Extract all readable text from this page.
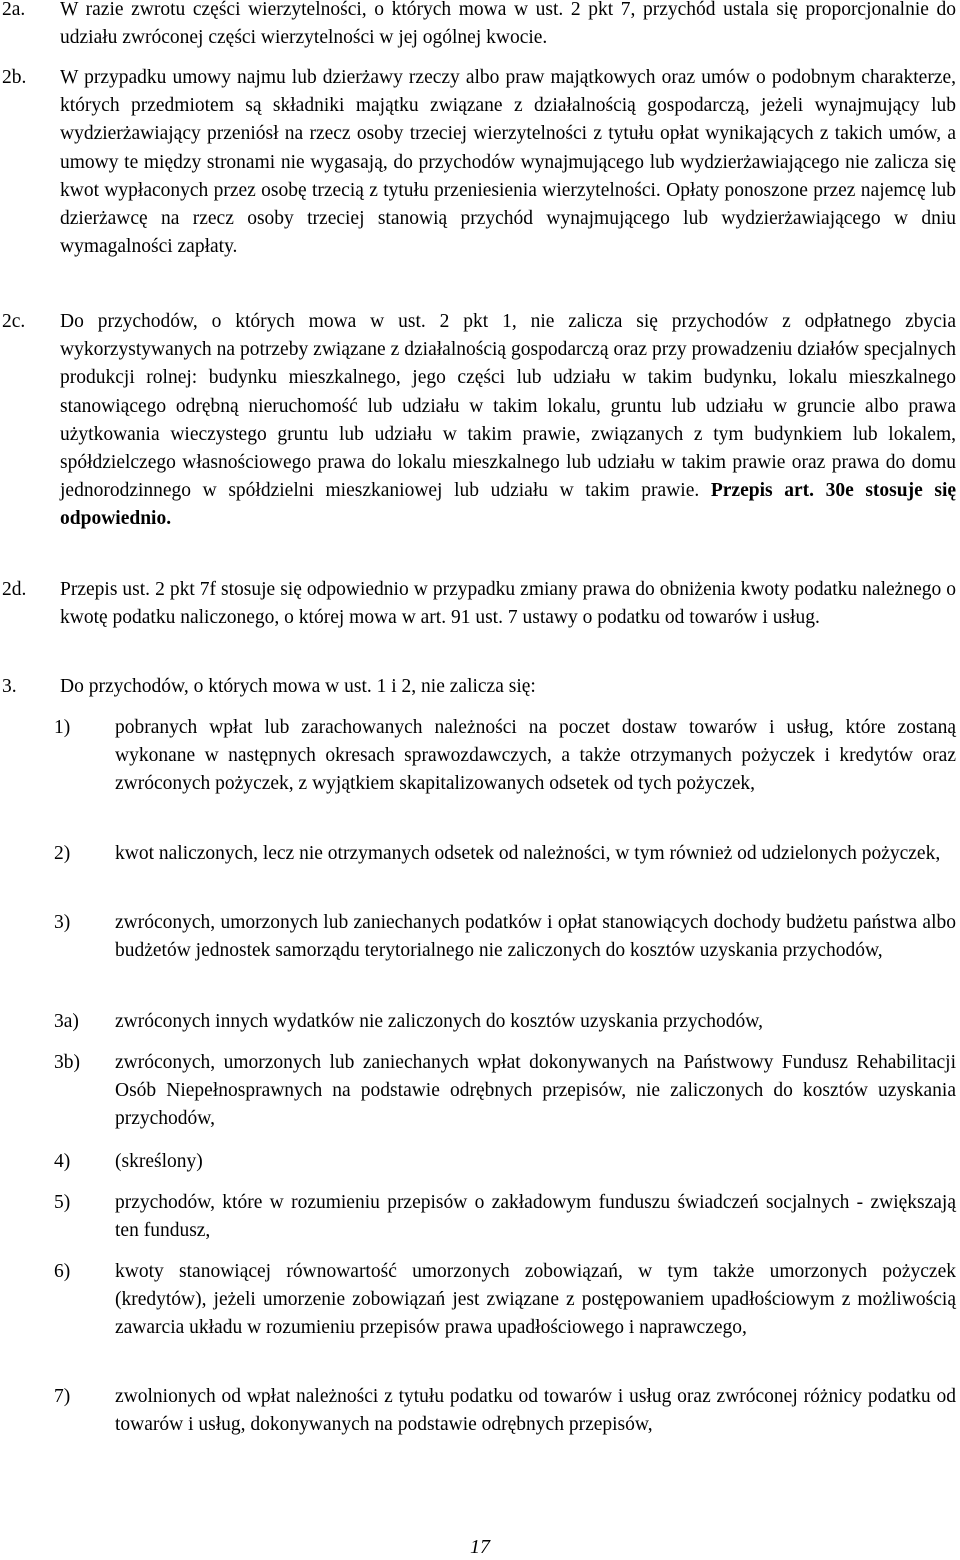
2a. W razie zwrotu części wierzytelności, o których mowa w ust. 2 pkt 7, przychód ustala się proporcjonalnie do udziału zwróconej części wierzytelności w jej ogólnej kwocie.
2b. W przypadku umowy najmu lub dzierżawy rzeczy albo praw majątkowych oraz umów o podobnym charakterze, których przedmiotem są składniki majątku związane z działalnością gospodarczą, jeżeli wynajmujący lub wydzierżawiający przeniósł na rzecz osoby trzeciej wierzytelności z tytułu opłat wynikających z takich umów, a umowy te między stronami nie wygasają, do przychodów wynajmującego lub wydzierżawiającego nie zalicza się kwot wypłaconych przez osobę trzecią z tytułu przeniesienia wierzytelności. Opłaty ponoszone przez najemcę lub dzierżawcę na rzecz osoby trzeciej stanowią przychód wynajmującego lub wydzierżawiającego w dniu wymagalności zapłaty.
2c. Do przychodów, o których mowa w ust. 2 pkt 1, nie zalicza się przychodów z odpłatnego zbycia wykorzystywanych na potrzeby związane z działalnością gospodarczą oraz przy prowadzeniu działów specjalnych produkcji rolnej: budynku mieszkalnego, jego części lub udziału w takim budynku, lokalu mieszkalnego stanowiącego odrębną nieruchomość lub udziału w takim lokalu, gruntu lub udziału w gruncie albo prawa użytkowania wieczystego gruntu lub udziału w takim prawie, związanych z tym budynkiem lub lokalem, spółdzielczego własnościowego prawa do lokalu mieszkalnego lub udziału w takim prawie oraz prawa do domu jednorodzinnego w spółdzielni mieszkaniowej lub udziału w takim prawie. Przepis art. 30e stosuje się odpowiednio.
2d. Przepis ust. 2 pkt 7f stosuje się odpowiednio w przypadku zmiany prawa do obniżenia kwoty podatku należnego o kwotę podatku naliczonego, o której mowa w art. 91 ust. 7 ustawy o podatku od towarów i usług.
3. Do przychodów, o których mowa w ust. 1 i 2, nie zalicza się:
1) pobranych wpłat lub zarachowanych należności na poczet dostaw towarów i usług, które zostaną wykonane w następnych okresach sprawozdawczych, a także otrzymanych pożyczek i kredytów oraz zwróconych pożyczek, z wyjątkiem skapitalizowanych odsetek od tych pożyczek,
2) kwot naliczonych, lecz nie otrzymanych odsetek od należności, w tym również od udzielonych pożyczek,
3) zwróconych, umorzonych lub zaniechanych podatków i opłat stanowiących dochody budżetu państwa albo budżetów jednostek samorządu terytorialnego nie zaliczonych do kosztów uzyskania przychodów,
3a) zwróconych innych wydatków nie zaliczonych do kosztów uzyskania przychodów,
3b) zwróconych, umorzonych lub zaniechanych wpłat dokonywanych na Państwowy Fundusz Rehabilitacji Osób Niepełnosprawnych na podstawie odrębnych przepisów, nie zaliczonych do kosztów uzyskania przychodów,
4) (skreślony)
5) przychodów, które w rozumieniu przepisów o zakładowym funduszu świadczeń socjalnych - zwiększają ten fundusz,
6) kwoty stanowiącej równowartość umorzonych zobowiązań, w tym także umorzonych pożyczek (kredytów), jeżeli umorzenie zobowiązań jest związane z postępowaniem upadłościowym z możliwością zawarcia układu w rozumieniu przepisów prawa upadłościowego i naprawczego,
7) zwolnionych od wpłat należności z tytułu podatku od towarów i usług oraz zwróconej różnicy podatku od towarów i usług, dokonywanych na podstawie odrębnych przepisów,
17
